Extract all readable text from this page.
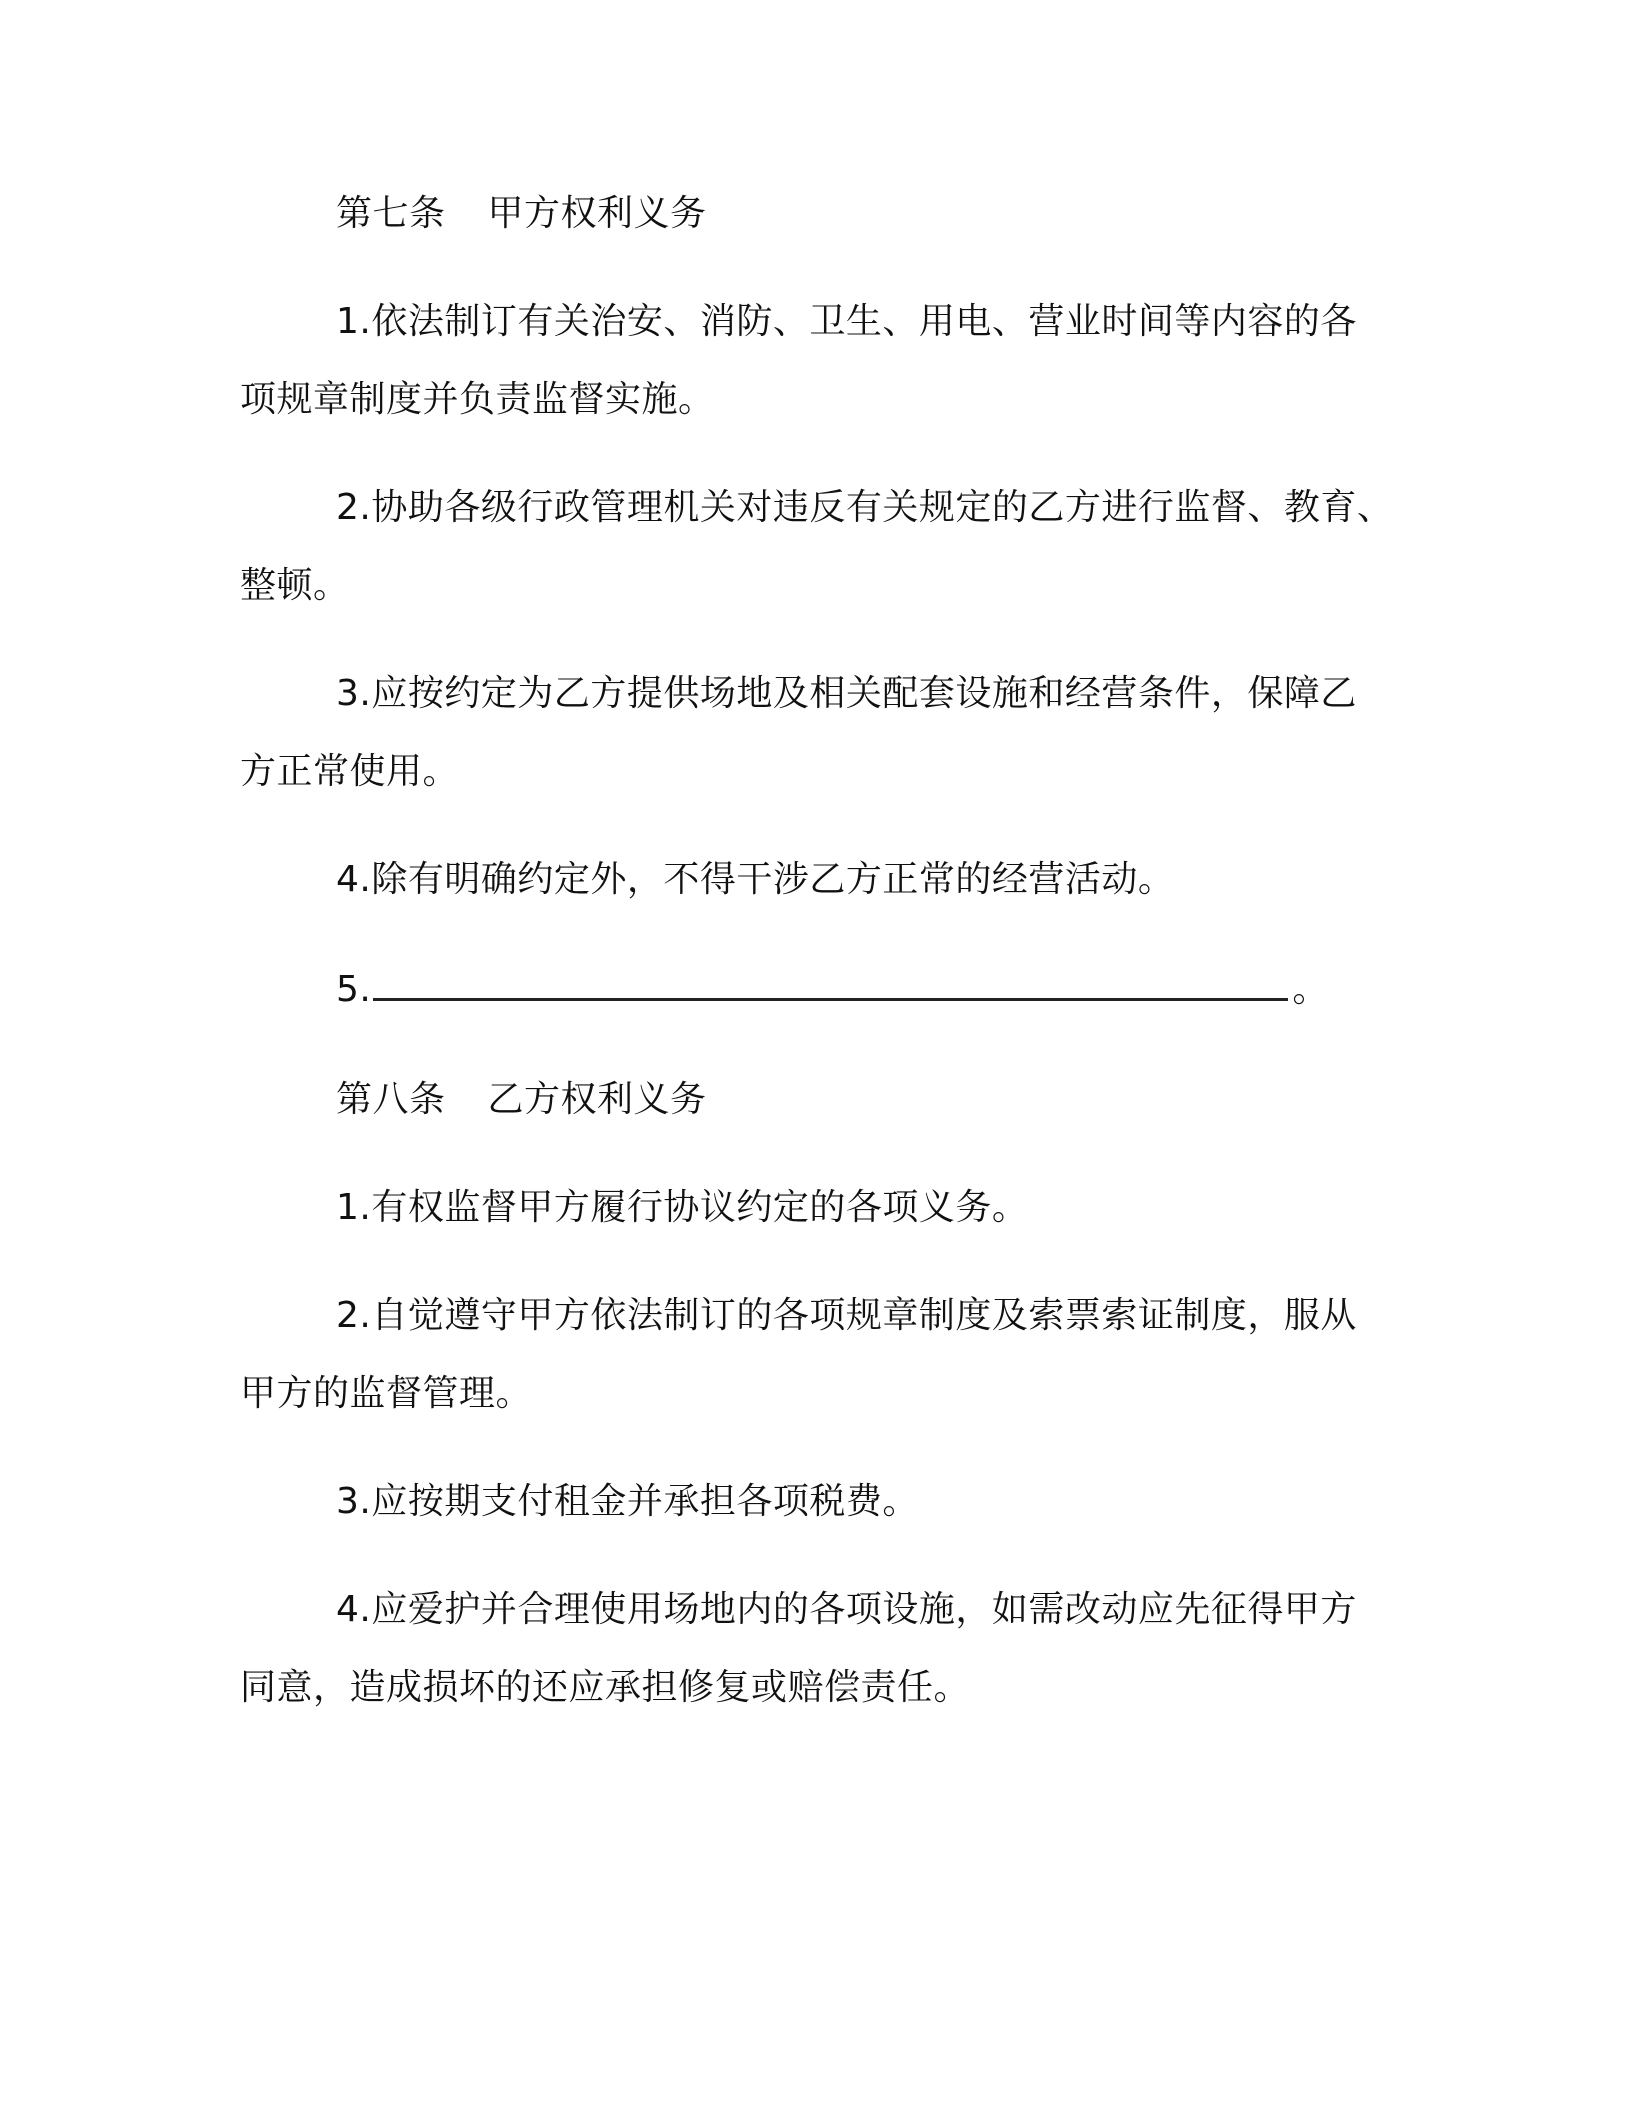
第七条 甲方权利义务
1.依法制订有关治安、消防、卫生、用电、营业时间等内容的各
项规章制度并负责监督实施。
2.协助各级行政管理机关对违反有关规定的乙方进行监督、教育、
整顿。
3.应按约定为乙方提供场地及相关配套设施和经营条件，保障乙
方正常使用。
4.除有明确约定外，不得干涉乙方正常的经营活动。
5.	。
第八条 乙方权利义务
1.有权监督甲方履行协议约定的各项义务。
2.自觉遵守甲方依法制订的各项规章制度及索票索证制度，服从
甲方的监督管理。
3.应按期支付租金并承担各项税费。
4.应爱护并合理使用场地内的各项设施，如需改动应先征得甲方
同意，造成损坏的还应承担修复或赔偿责任。
